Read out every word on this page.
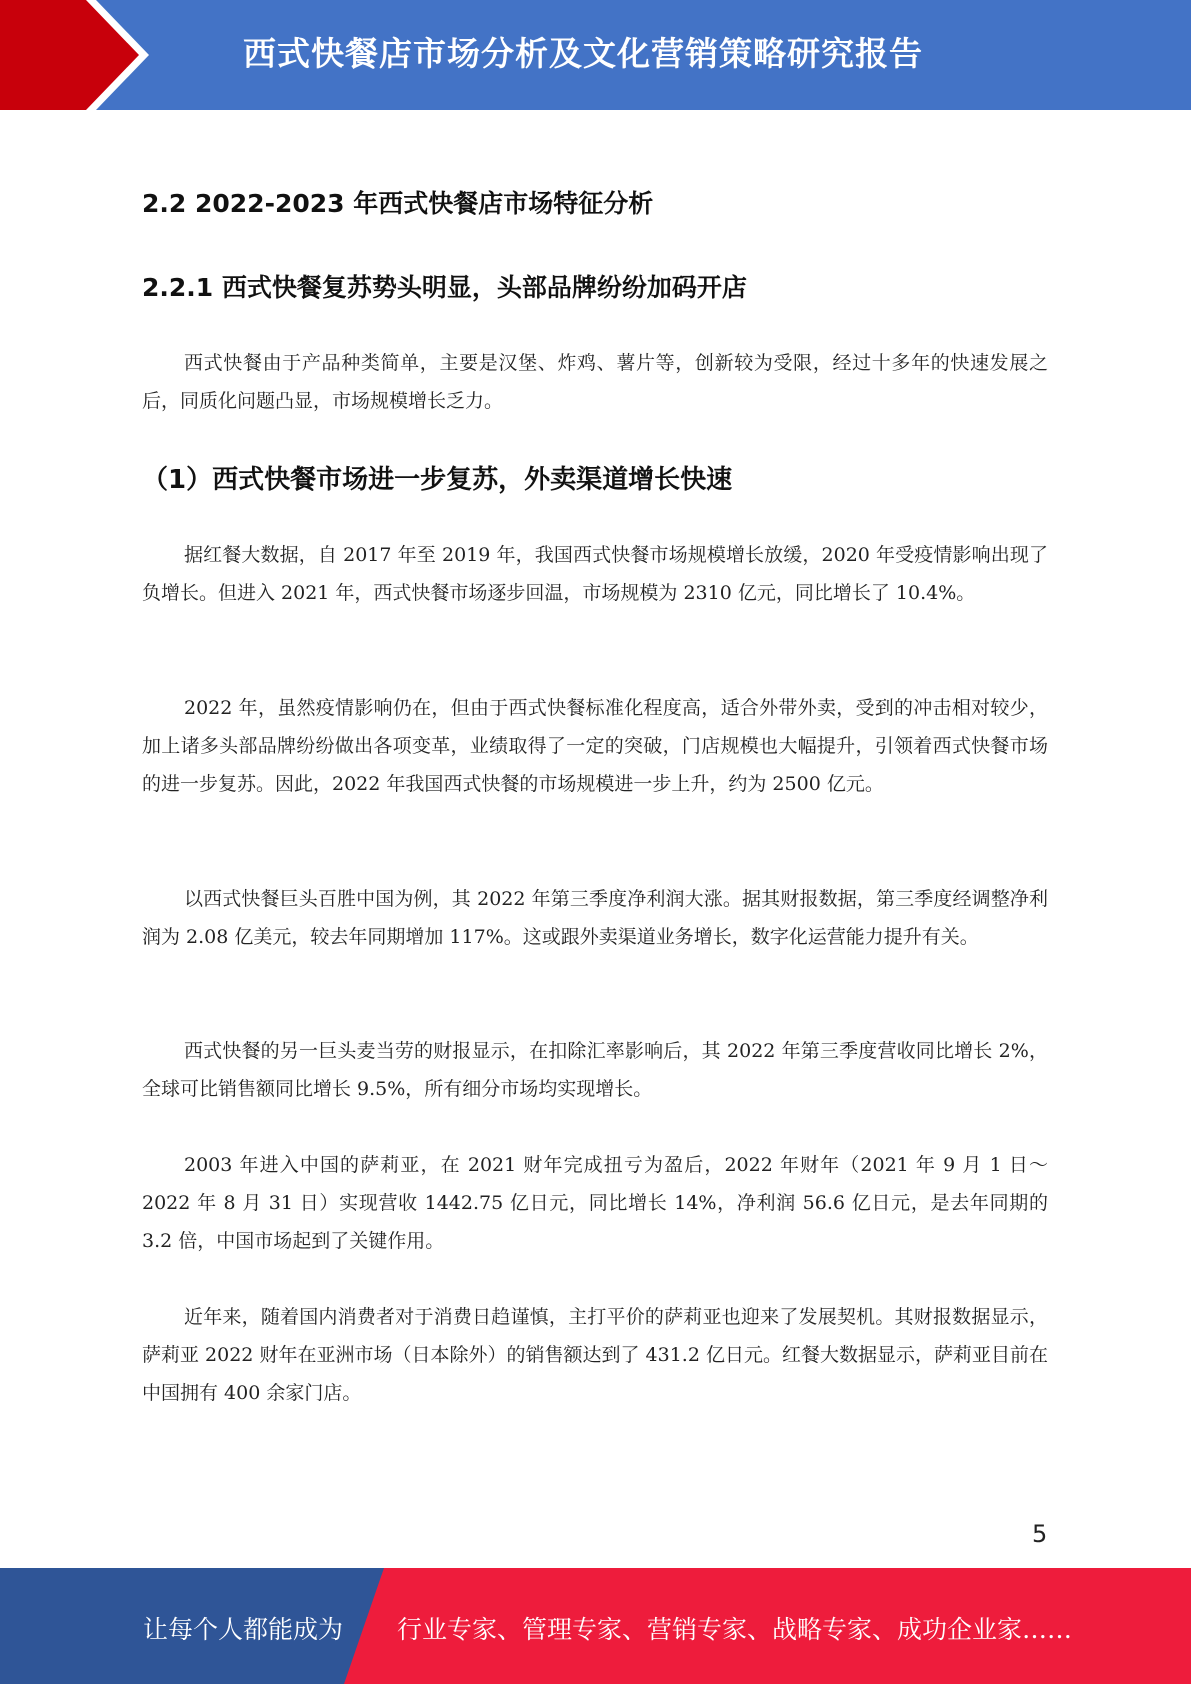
西式快餐店市场分析及文化营销策略研究报告
2.2 2022-2023 年西式快餐店市场特征分析
2.2.1 西式快餐复苏势头明显，头部品牌纷纷加码开店

西式快餐由于产品种类简单，主要是汉堡、炸鸡、薯片等，创新较为受限，经过十多年的快速发展之后，同质化问题凸显，市场规模增长乏力。

（1）西式快餐市场进一步复苏，外卖渠道增长快速

据红餐大数据，自 2017 年至 2019 年，我国西式快餐市场规模增长放缓，2020 年受疫情影响出现了负增长。但进入 2021 年，西式快餐市场逐步回温，市场规模为 2310 亿元，同比增长了 10.4%。

2022 年，虽然疫情影响仍在，但由于西式快餐标准化程度高，适合外带外卖，受到的冲击相对较少，加上诸多头部品牌纷纷做出各项变革，业绩取得了一定的突破，门店规模也大幅提升，引领着西式快餐市场的进一步复苏。因此，2022 年我国西式快餐的市场规模进一步上升，约为 2500 亿元。

以西式快餐巨头百胜中国为例，其 2022 年第三季度净利润大涨。据其财报数据，第三季度经调整净利润为 2.08 亿美元，较去年同期增加 117%。这或跟外卖渠道业务增长，数字化运营能力提升有关。

西式快餐的另一巨头麦当劳的财报显示，在扣除汇率影响后，其 2022 年第三季度营收同比增长 2%，全球可比销售额同比增长 9.5%，所有细分市场均实现增长。

2003 年进入中国的萨莉亚，在 2021 财年完成扭亏为盈后，2022 年财年（2021 年 9 月 1 日～2022 年 8 月 31 日）实现营收 1442.75 亿日元，同比增长 14%，净利润 56.6 亿日元，是去年同期的 3.2 倍，中国市场起到了关键作用。

近年来，随着国内消费者对于消费日趋谨慎，主打平价的萨莉亚也迎来了发展契机。其财报数据显示，萨莉亚 2022 财年在亚洲市场（日本除外）的销售额达到了 431.2 亿日元。红餐大数据显示，萨莉亚目前在中国拥有 400 余家门店。

5
让每个人都能成为 行业专家、管理专家、营销专家、战略专家、成功企业家……
